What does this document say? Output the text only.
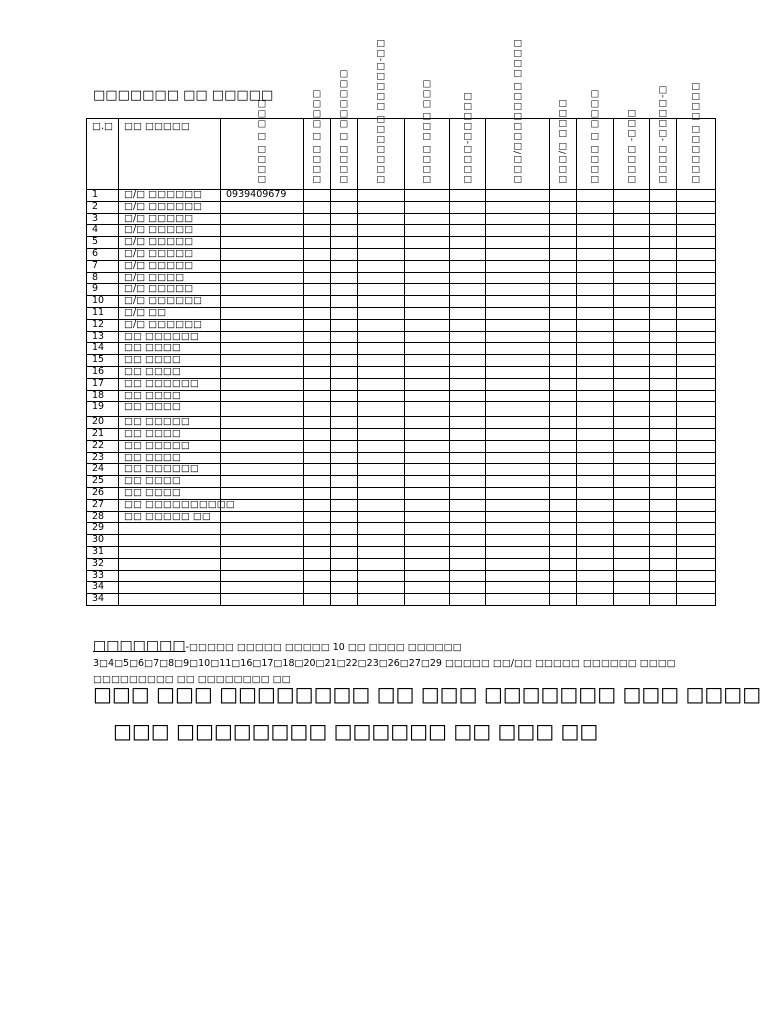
□□□□□□□ □□ □□□□□
□.□	□□ □□□□□	□□□□ □ □□□	□□□□ □ □□□□	□□□□ □ □□□□□□	□□□□□□□ □□□□□-□□	□□□□ □□□ □□□	□□□□-□□□□□	□□□/□□□□□□□ □□□□	□□□/□ □□□□	□□□□ □ □□□□	□□□□ -□□□	□□□□ -□□□□-□	□□□□□□ □□□□

1	□/□ □□□□□□	0939409679											
2	□/□ □□□□□□												
3	□/□ □□□□□												
4	□/□ □□□□□												
5	□/□ □□□□□												
6	□/□ □□□□□												
7	□/□ □□□□□												
8	□/□ □□□□												
9	□/□ □□□□□												
10	□/□ □□□□□□												
11	□/□ □□												
12	□/□ □□□□□□												
13	□□ □□□□□□												
14	□□ □□□□												
15	□□ □□□□												
16	□□ □□□□												
17	□□ □□□□□□												
18	□□ □□□□												
19	□□ □□□□												
20	□□ □□□□□												
21	□□ □□□□												
22	□□ □□□□□												
23	□□ □□□□												
24	□□ □□□□□□												
25	□□ □□□□												
26	□□ □□□□												
27	□□ □□□□□□□□□□												
28	□□ □□□□□ □□												
29													
30													
31													
32													
33													
34													
34													
□□□□□□□-□□□□□ □□□□□ □□□□□ 10 □□ □□□□ □□□□□□ 3□4□5□6□7□8□9□10□11□16□17□18□20□21□22□23□26□27□29 □□□□□ □□/□□ □□□□□ □□□□□□ □□□□ □□□□□□□□□ □□ □□□□□□□□ □□
□□□ □□□ □□□□□□□□ □□ □□□ □□□□□□□ □□□ □□□□
□□□ □□□□□□□□ □□□□□□ □□ □□□ □□
